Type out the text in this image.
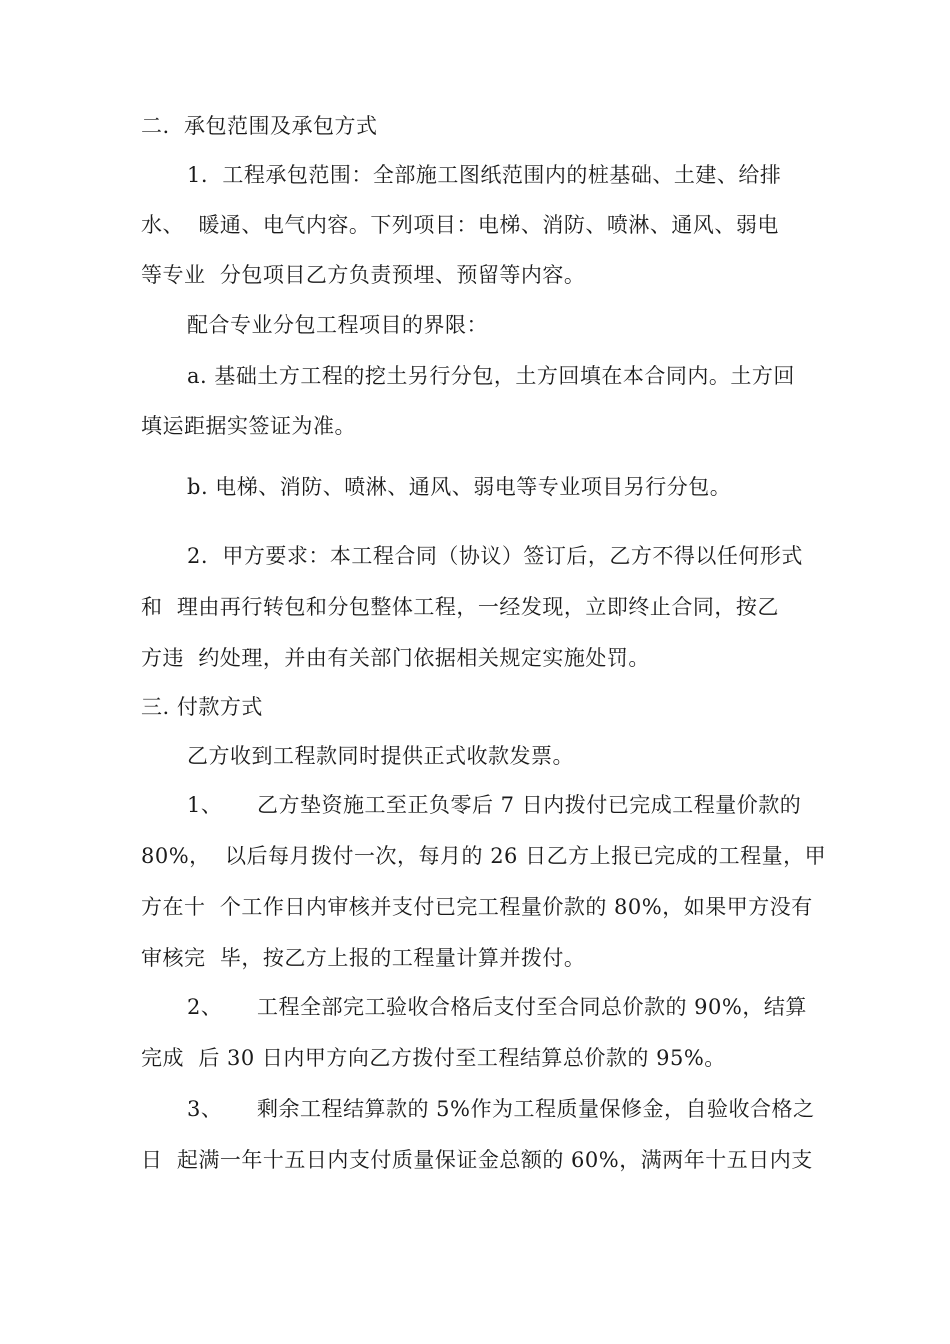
二.  承包范围及承包方式
1.  工程承包范围：全部施工图纸范围内的桩基础、土建、给排
水、  暖通、电气内容。下列项目：电梯、消防、喷淋、通风、弱电
等专业  分包项目乙方负责预埋、预留等内容。
配合专业分包工程项目的界限：
a. 基础土方工程的挖土另行分包，土方回填在本合同内。土方回
填运距据实签证为准。
b. 电梯、消防、喷淋、通风、弱电等专业项目另行分包。
2.  甲方要求：本工程合同（协议）签订后，乙方不得以任何形式
和  理由再行转包和分包整体工程，一经发现，立即终止合同，按乙
方违  约处理，并由有关部门依据相关规定实施处罚。
三. 付款方式
乙方收到工程款同时提供正式收款发票。
1、 乙方垫资施工至正负零后 7 日内拨付已完成工程量价款的
80%，  以后每月拨付一次，每月的 26 日乙方上报已完成的工程量，甲
方在十  个工作日内审核并支付已完工程量价款的 80%，如果甲方没有
审核完  毕，按乙方上报的工程量计算并拨付。
2、 工程全部完工验收合格后支付至合同总价款的 90%，结算
完成  后 30 日内甲方向乙方拨付至工程结算总价款的 95%。
3、 剩余工程结算款的 5%作为工程质量保修金，自验收合格之
日  起满一年十五日内支付质量保证金总额的 60%，满两年十五日内支
